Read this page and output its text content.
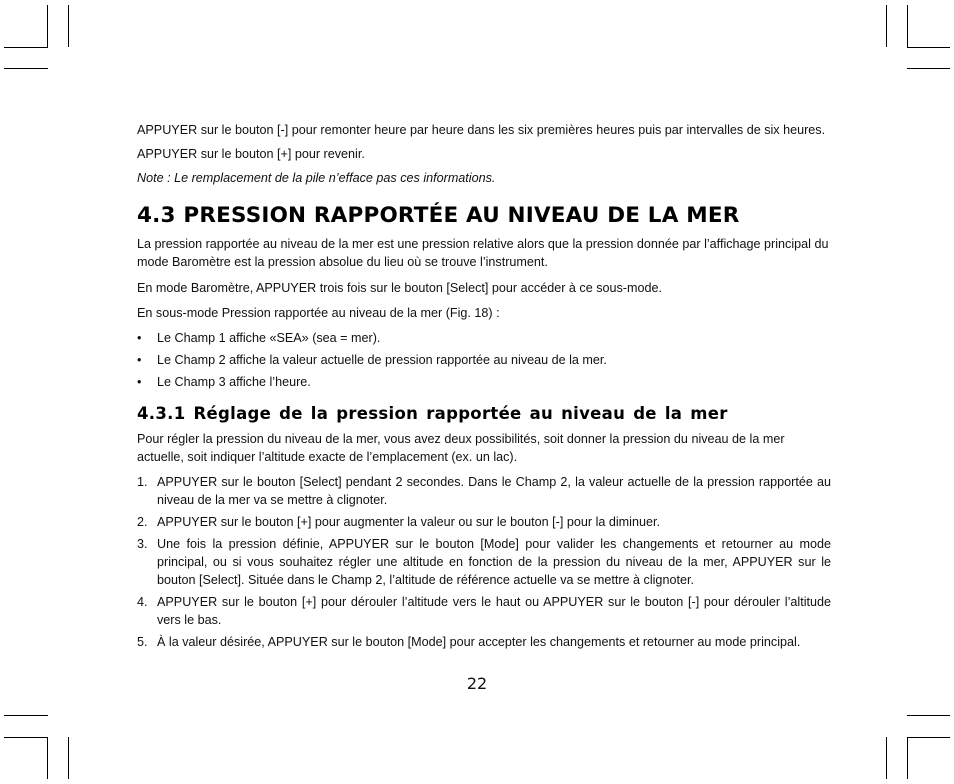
APPUYER sur le bouton [-] pour remonter heure par heure dans les six premières heures puis par intervalles de six heures.

APPUYER sur le bouton [+] pour revenir.

Note : Le remplacement de la pile n’efface pas ces informations.

4.3 PRESSION RAPPORTÉE AU NIVEAU DE LA MER

La pression rapportée au niveau de la mer est une pression relative alors que la pression donnée par l’affichage principal du mode Baromètre est la pression absolue du lieu où se trouve l’instrument.

En mode Baromètre, APPUYER trois fois sur le bouton [Select] pour accéder à ce sous-mode.

En sous-mode Pression rapportée au niveau de la mer (Fig. 18) :

• Le Champ 1 affiche «SEA» (sea = mer).
• Le Champ 2 affiche la valeur actuelle de pression rapportée au niveau de la mer.
• Le Champ 3 affiche l’heure.
4.3.1 Réglage de la pression rapportée au niveau de la mer

Pour régler la pression du niveau de la mer, vous avez deux possibilités, soit donner la pression du niveau de la mer actuelle, soit indiquer l’altitude exacte de l’emplacement (ex. un lac).

1. APPUYER sur le bouton [Select] pendant 2 secondes. Dans le Champ 2, la valeur actuelle de la pression rapportée au niveau de la mer va se mettre à clignoter.
2. APPUYER sur le bouton [+] pour augmenter la valeur ou sur le bouton [-] pour la diminuer.
3. Une fois la pression définie, APPUYER sur le bouton [Mode] pour valider les changements et retourner au mode principal, ou si vous souhaitez régler une altitude en fonction de la pression du niveau de la mer, APPUYER sur le bouton [Select]. Située dans le Champ 2, l’altitude de référence actuelle va se mettre à clignoter.
4. APPUYER sur le bouton [+] pour dérouler l’altitude vers le haut ou APPUYER sur le bouton [-] pour dérouler l’altitude vers le bas.
5. À la valeur désirée, APPUYER sur le bouton [Mode] pour accepter les changements et retourner au mode principal.
22
